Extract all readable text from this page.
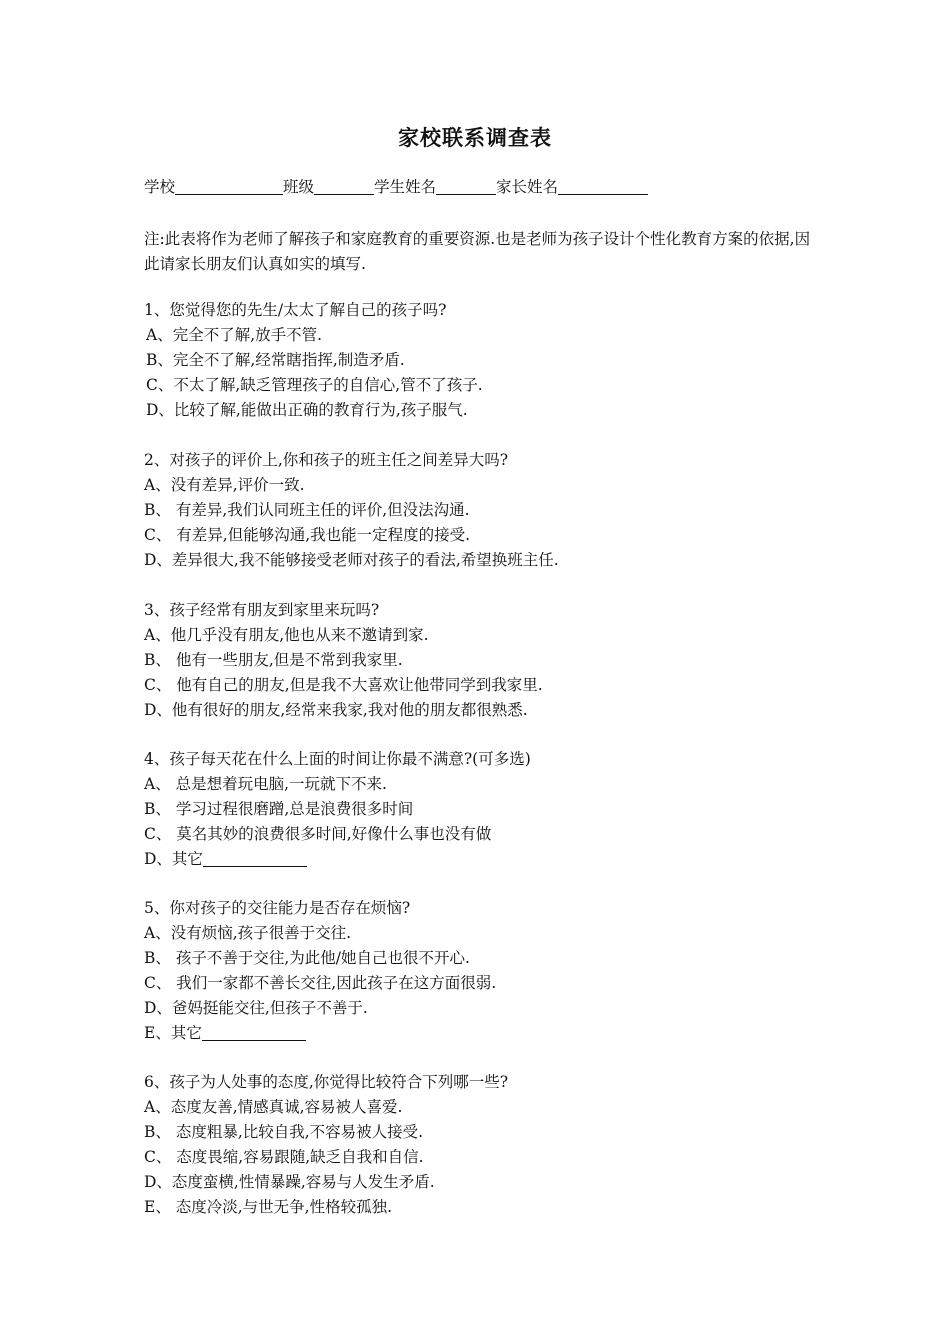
家校联系调查表
学校	班级	学生姓名	家长姓名
注:此表将作为老师了解孩子和家庭教育的重要资源.也是老师为孩子设计个性化教育方案的依据,因此请家长朋友们认真如实的填写.
1、您觉得您的先生/太太了解自己的孩子吗?
A、完全不了解,放手不管.
B、完全不了解,经常瞎指挥,制造矛盾.
C、不太了解,缺乏管理孩子的自信心,管不了孩子.
D、比较了解,能做出正确的教育行为,孩子服气.
2、对孩子的评价上,你和孩子的班主任之间差异大吗?
A、没有差异,评价一致.
B、 有差异,我们认同班主任的评价,但没法沟通.
C、 有差异,但能够沟通,我也能一定程度的接受.
D、差异很大,我不能够接受老师对孩子的看法,希望换班主任.
3、孩子经常有朋友到家里来玩吗?
A、他几乎没有朋友,他也从来不邀请到家.
B、 他有一些朋友,但是不常到我家里.
C、 他有自己的朋友,但是我不大喜欢让他带同学到我家里.
D、他有很好的朋友,经常来我家,我对他的朋友都很熟悉.
4、孩子每天花在什么上面的时间让你最不满意?(可多选)
A、 总是想着玩电脑,一玩就下不来.
B、 学习过程很磨蹭,总是浪费很多时间
C、 莫名其妙的浪费很多时间,好像什么事也没有做
D、其它
5、你对孩子的交往能力是否存在烦恼?
A、没有烦恼,孩子很善于交往.
B、 孩子不善于交往,为此他/她自己也很不开心.
C、 我们一家都不善长交往,因此孩子在这方面很弱.
D、爸妈挺能交往,但孩子不善于.
E、其它
6、孩子为人处事的态度,你觉得比较符合下列哪一些?
A、态度友善,情感真诚,容易被人喜爱.
B、 态度粗暴,比较自我,不容易被人接受.
C、 态度畏缩,容易跟随,缺乏自我和自信.
D、态度蛮横,性情暴躁,容易与人发生矛盾.
E、 态度冷淡,与世无争,性格较孤独.
